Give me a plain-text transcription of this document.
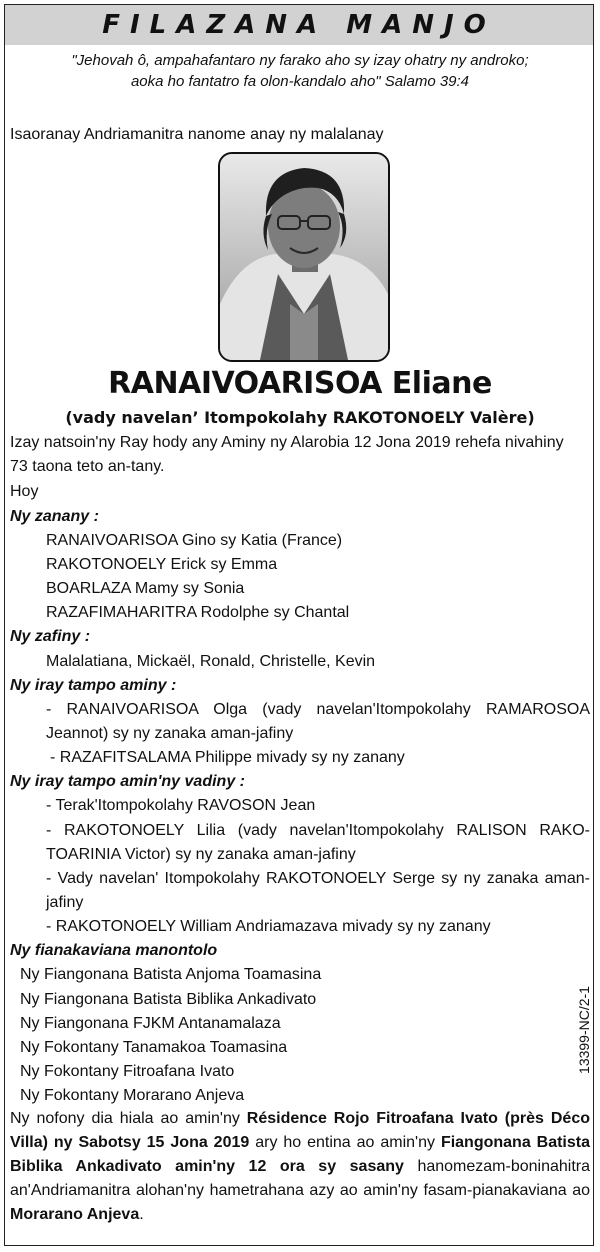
FILAZANA MANJO
"Jehovah ô, ampahafantaro ny farako aho sy izay ohatry ny androko;
aoka ho fantatro fa olon-kandalo aho" Salamo 39:4
Isaoranay Andriamanitra nanome anay ny malalanay
RANAIVOARISOA Eliane
(vady navelan’ Itompokolahy RAKOTONOELY Valère)
Izay natsoin'ny Ray hody any Aminy ny Alarobia 12 Jona 2019 rehefa nivahiny
73 taona teto an-tany.
Hoy
Ny zanany :
RANAIVOARISOA Gino sy Katia (France)
RAKOTONOELY Erick sy Emma
BOARLAZA Mamy sy Sonia
RAZAFIMAHARITRA Rodolphe sy Chantal
Ny zafiny :
Malalatiana, Mickaël, Ronald, Christelle, Kevin
Ny iray tampo aminy :
- RANAIVOARISOA Olga (vady navelan'Itompokolahy RAMAROSOA
Jeannot) sy ny zanaka aman-jafiny
- RAZAFITSALAMA Philippe mivady sy ny zanany
Ny iray tampo amin'ny vadiny :
- Terak'Itompokolahy RAVOSON Jean
- RAKOTONOELY Lilia (vady navelan'Itompokolahy RALISON RAKO-
TOARINIA Victor) sy ny zanaka aman-jafiny
- Vady navelan' Itompokolahy RAKOTONOELY Serge sy ny zanaka aman-
jafiny
- RAKOTONOELY William Andriamazava mivady sy ny zanany
Ny fianakaviana manontolo
Ny Fiangonana Batista Anjoma Toamasina
Ny Fiangonana Batista Biblika Ankadivato
Ny Fiangonana FJKM Antanamalaza
Ny Fokontany Tanamakoa Toamasina
Ny Fokontany Fitroafana Ivato
Ny Fokontany Morarano Anjeva
13399-NC/2-1
Ny nofony dia hiala ao amin'ny Résidence Rojo Fitroafana Ivato (près Déco
Villa) ny Sabotsy 15 Jona 2019 ary ho entina ao amin'ny Fiangonana Batista
Biblika Ankadivato amin'ny 12 ora sy sasany hanomezam-boninahitra
an'Andriamanitra alohan'ny hametrahana azy ao amin'ny fasam-pianakaviana ao
Morarano Anjeva.
